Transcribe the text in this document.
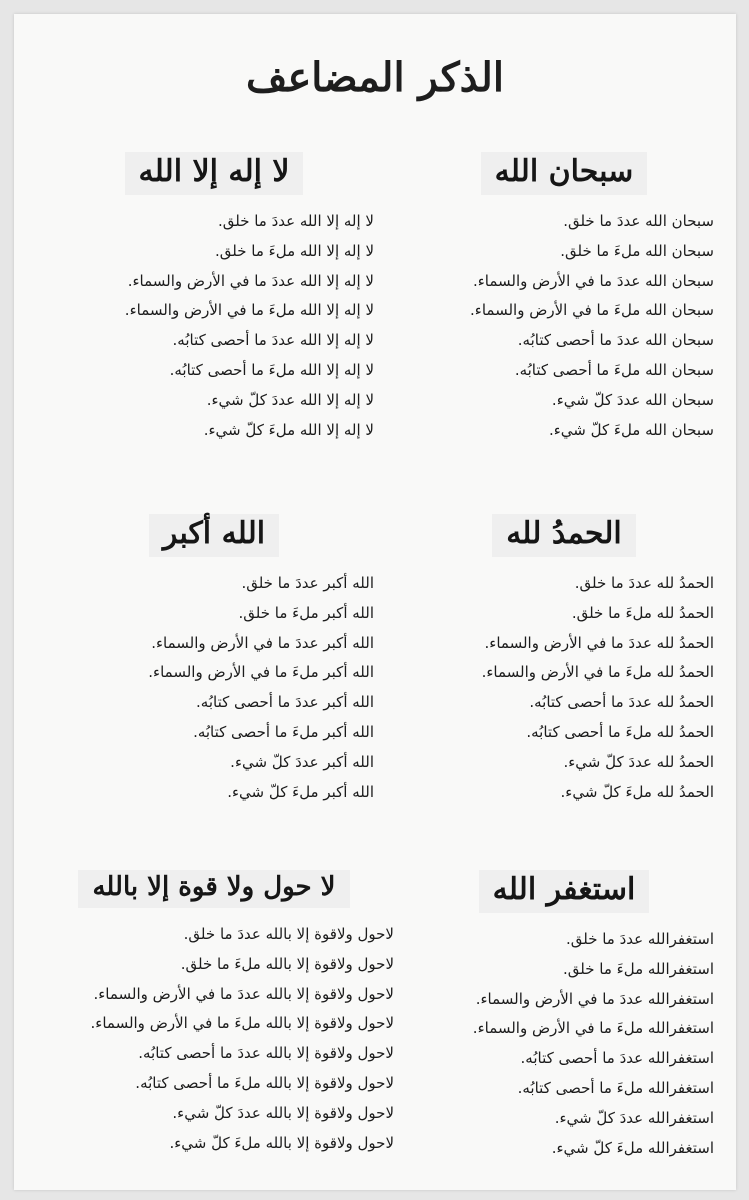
الذكر المضاعف
سبحان الله
سبحان الله عددَ ما خلق.
سبحان الله ملءَ ما خلق.
سبحان الله عددَ ما في الأرض والسماء.
سبحان الله ملءَ ما في الأرض والسماء.
سبحان الله عددَ ما أحصى كتابُه.
سبحان الله ملءَ ما أحصى كتابُه.
سبحان الله عددَ كلّ شيء.
سبحان الله ملءَ كلّ شيء.
لا إله إلا الله
لا إله إلا الله عددَ ما خلق.
لا إله إلا الله ملءَ ما خلق.
لا إله إلا الله عددَ ما في الأرض والسماء.
لا إله إلا الله ملءَ ما في الأرض والسماء.
لا إله إلا الله عددَ ما أحصى كتابُه.
لا إله إلا الله ملءَ ما أحصى كتابُه.
لا إله إلا الله عددَ كلّ شيء.
لا إله إلا الله ملءَ كلّ شيء.
الحمدُ لله
الحمدُ لله عددَ ما خلق.
الحمدُ لله ملءَ ما خلق.
الحمدُ لله عددَ ما في الأرض والسماء.
الحمدُ لله ملءَ ما في الأرض والسماء.
الحمدُ لله عددَ ما أحصى كتابُه.
الحمدُ لله ملءَ ما أحصى كتابُه.
الحمدُ لله عددَ كلّ شيء.
الحمدُ لله ملءَ كلّ شيء.
الله أكبر
الله أكبر عددَ ما خلق.
الله أكبر ملءَ ما خلق.
الله أكبر عددَ ما في الأرض والسماء.
الله أكبر ملءَ ما في الأرض والسماء.
الله أكبر عددَ ما أحصى كتابُه.
الله أكبر ملءَ ما أحصى كتابُه.
الله أكبر عددَ كلّ شيء.
الله أكبر ملءَ كلّ شيء.
استغفر الله
استغفرالله عددَ ما خلق.
استغفرالله ملءَ ما خلق.
استغفرالله عددَ ما في الأرض والسماء.
استغفرالله ملءَ ما في الأرض والسماء.
استغفرالله عددَ ما أحصى كتابُه.
استغفرالله ملءَ ما أحصى كتابُه.
استغفرالله عددَ كلّ شيء.
استغفرالله ملءَ كلّ شيء.
لا حول ولا قوة إلا بالله
لاحول ولاقوة إلا بالله عددَ ما خلق.
لاحول ولاقوة إلا بالله ملءَ ما خلق.
لاحول ولاقوة إلا بالله عددَ ما في الأرض والسماء.
لاحول ولاقوة إلا بالله ملءَ ما في الأرض والسماء.
لاحول ولاقوة إلا بالله عددَ ما أحصى كتابُه.
لاحول ولاقوة إلا بالله ملءَ ما أحصى كتابُه.
لاحول ولاقوة إلا بالله عددَ كلّ شيء.
لاحول ولاقوة إلا بالله ملءَ كلّ شيء.
